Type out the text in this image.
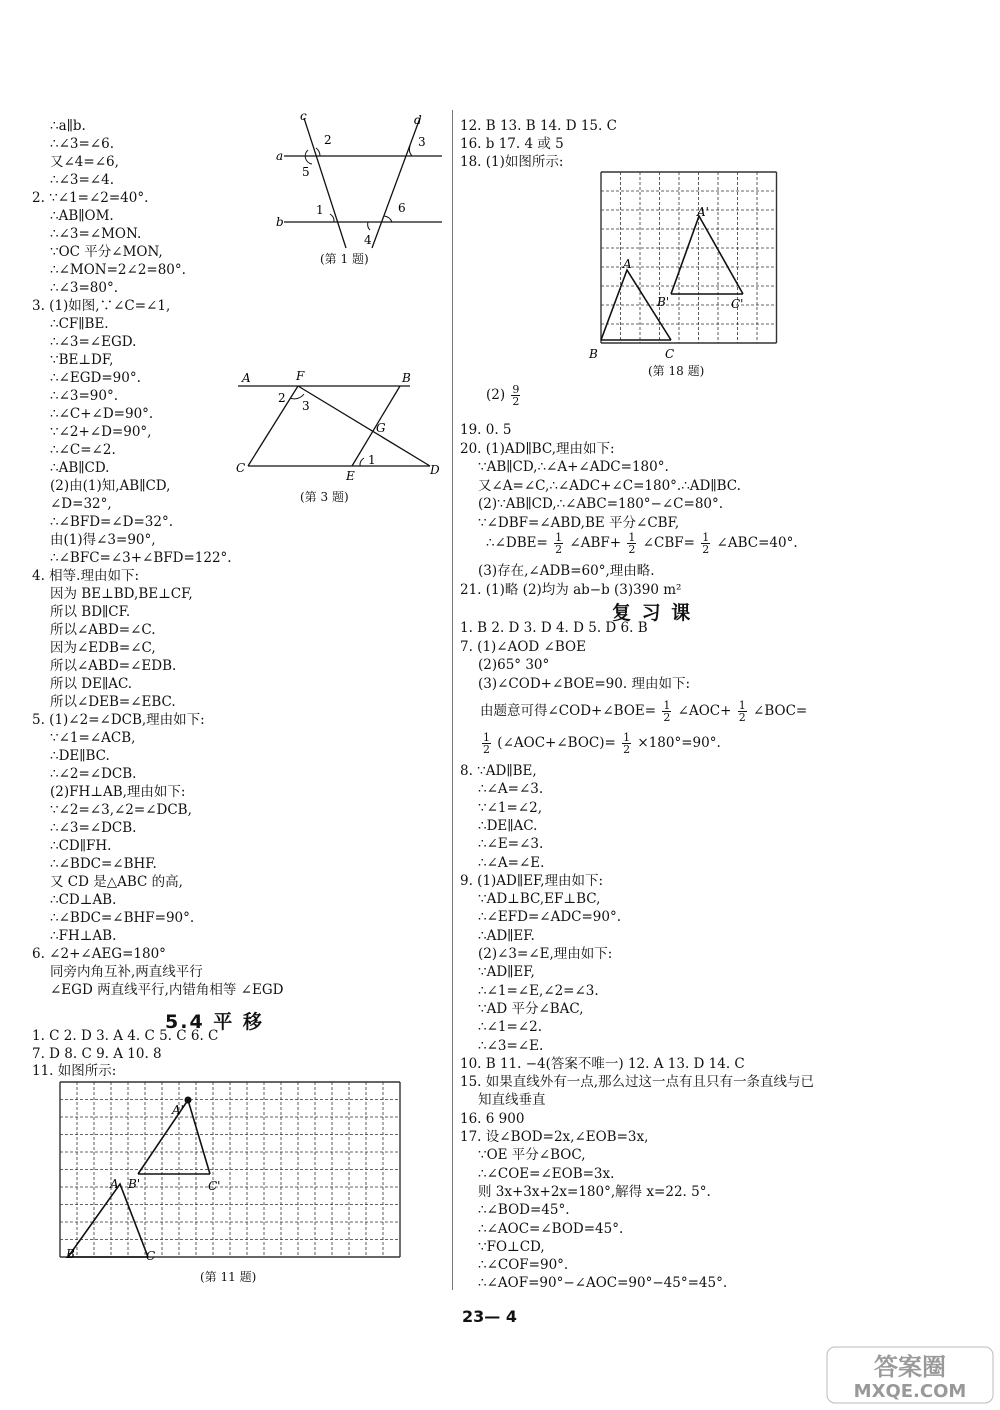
∴a∥b.
∴∠3=∠6.
又∠4=∠6,
∴∠3=∠4.
2. ∵∠1=∠2=40°.
∴AB∥OM.
∴∠3=∠MON.
∵OC 平分∠MON,
∴∠MON=2∠2=80°.
∴∠3=80°.
3. (1)如图,∵∠C=∠1,
∴CF∥BE.
∴∠3=∠EGD.
∵BE⊥DF,
∴∠EGD=90°.
∴∠3=90°.
∴∠C+∠D=90°.
∵∠2+∠D=90°,
∴∠C=∠2.
∴AB∥CD.
(2)由(1)知,AB∥CD,
∠D=32°,
∴∠BFD=∠D=32°.
由(1)得∠3=90°,
∴∠BFC=∠3+∠BFD=122°.
4. 相等.理由如下:
因为 BE⊥BD,BE⊥CF,
所以 BD∥CF.
所以∠ABD=∠C.
因为∠EDB=∠C,
所以∠ABD=∠EDB.
所以 DE∥AC.
所以∠DEB=∠EBC.
5. (1)∠2=∠DCB,理由如下:
∵∠1=∠ACB,
∴DE∥BC.
∴∠2=∠DCB.
(2)FH⊥AB,理由如下:
∵∠2=∠3,∠2=∠DCB,
∴∠3=∠DCB.
∴CD∥FH.
∴∠BDC=∠BHF.
又 CD 是△ABC 的高,
∴CD⊥AB.
∴∠BDC=∠BHF=90°.
∴FH⊥AB.
6. ∠2+∠AEG=180°
同旁内角互补,两直线平行
∠EGD 两直线平行,内错角相等 ∠EGD
c	d
a
b
2	3
5
1	6
4
(第 1 题)
A	F	B
C
E	D
G
2
3
1
(第 3 题)
5.4 平 移
1. C 2. D 3. A 4. C 5. C 6. C
7. D 8. C 9. A 10. 8
11. 如图所示:
A'
B'	C'
A
B	C
(第 11 题)
12. B 13. B 14. D 15. C
16. b 17. 4 或 5
18. (1)如图所示:
A'
B'	C'
A
B	C
(第 18 题)
$(2) \frac{9}{2}$
19. 0. 5
20. (1)AD∥BC,理由如下:
∵AB∥CD,∴∠A+∠ADC=180°.
又∠A=∠C,∴∠ADC+∠C=180°.∴AD∥BC.
(2)∵AB∥CD,∴∠ABC=180°−∠C=80°.
∵∠DBF=∠ABD,BE 平分∠CBF,
∴∠DBE= $\frac{1}{2}$ ∠ABF+ $\frac{1}{2}$ ∠CBF= $\frac{1}{2}$ ∠ABC=40°.
(3)存在,∠ADB=60°,理由略.
21. (1)略 (2)均为 ab−b (3)390 m²
复 习 课
1. B 2. D 3. D 4. D 5. D 6. B
7. (1)∠AOD ∠BOE
(2)65° 30°
(3)∠COD+∠BOE=90. 理由如下:
由题意可得∠COD+∠BOE= $\frac{1}{2}$ ∠AOC+ $\frac{1}{2}$ ∠BOC=
$\frac{1}{2}$ (∠AOC+∠BOC)= $\frac{1}{2} \times 180^\circ=90^\circ$.
8. ∵AD∥BE,
∴∠A=∠3.
∵∠1=∠2,
∴DE∥AC.
∴∠E=∠3.
∴∠A=∠E.
9. (1)AD∥EF,理由如下:
∵AD⊥BC,EF⊥BC,
∴∠EFD=∠ADC=90°.
∴AD∥EF.
(2)∠3=∠E,理由如下:
∵AD∥EF,
∴∠1=∠E,∠2=∠3.
∵AD 平分∠BAC,
∴∠1=∠2.
∴∠3=∠E.
10. B 11. −4(答案不唯一) 12. A 13. D 14. C
15. 如果直线外有一点,那么过这一点有且只有一条直线与已
知直线垂直
16. 6 900
17. 设∠BOD=2x,∠EOB=3x,
∵OE 平分∠BOC,
∴∠COE=∠EOB=3x.
则 3x+3x+2x=180°,解得 x=22. 5°.
∴∠BOD=45°.
∴∠AOC=∠BOD=45°.
∵FO⊥CD,
∴∠COF=90°.
∴∠AOF=90°−∠AOC=90°−45°=45°.
23— 4
答案圈
MXQE.COM
